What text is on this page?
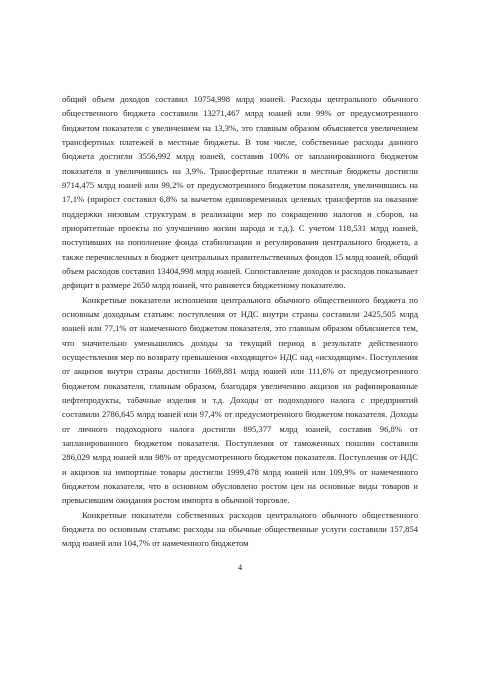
общий объем доходов составил 10754,998 млрд юаней. Расходы центрального обычного общественного бюджета составили 13271,467 млрд юаней или 99% от предусмотренного бюджетом показателя с увеличением на 13,3%, это главным образом объясняется увеличением трансфертных платежей в местные бюджеты. В том числе, собственные расходы данного бюджета достигли 3556,992 млрд юаней, составив 100% от запланированного бюджетом показателя и увеличившись на 3,9%. Трансфертные платежи в местные бюджеты достигли 9714,475 млрд юаней или 99,2% от предусмотренного бюджетом показателя, увеличившись на 17,1% (прирост составил 6,8% за вычетом единовременных целевых трансфертов на оказание поддержки низовым структурам в реализации мер по сокращению налогов и сборов, на приоритетные проекты по улучшению жизни народа и т.д.). С учетом 118,531 млрд юаней, поступивших на пополнение фонда стабилизации и регулирования центрального бюджета, а также перечисленных в бюджет центральных правительственных фондов 15 млрд юаней, общий объем расходов составил 13404,998 млрд юаней. Сопоставление доходов и расходов показывает дефицит в размере 2650 млрд юаней, что равняется бюджетному показателю.

Конкретные показатели исполнения центрального обычного общественного бюджета по основным доходным статьям: поступления от НДС внутри страны составили 2425,505 млрд юаней или 77,1% от намеченного бюджетом показателя, это главным образом объясняется тем, что значительно уменьшились доходы за текущий период в результате действенного осуществления мер по возврату превышения «входящего» НДС над «исходящим». Поступления от акцизов внутри страны достигли 1669,881 млрд юаней или 111,6% от предусмотренного бюджетом показателя, главным образом, благодаря увеличению акцизов на рафинированные нефтепродукты, табачные изделия и т.д. Доходы от подоходного налога с предприятий составили 2786,645 млрд юаней или 97,4% от предусмотренного бюджетом показателя. Доходы от личного подоходного налога достигли 895,377 млрд юаней, составив 96,8% от запланированного бюджетом показателя. Поступления от таможенных пошлин составили 286,029 млрд юаней или 98% от предусмотренного бюджетом показателя. Поступления от НДС и акцизов на импортные товары достигли 1999,478 млрд юаней или 109,9% от намеченного бюджетом показателя, что в основном обусловлено ростом цен на основные виды товаров и превысившим ожидания ростом импорта в обычной торговле.

Конкретные показатели собственных расходов центрального обычного общественного бюджета по основным статьям: расходы на обычные общественные услуги составили 157,854 млрд юаней или 104,7% от намеченного бюджетом

4
